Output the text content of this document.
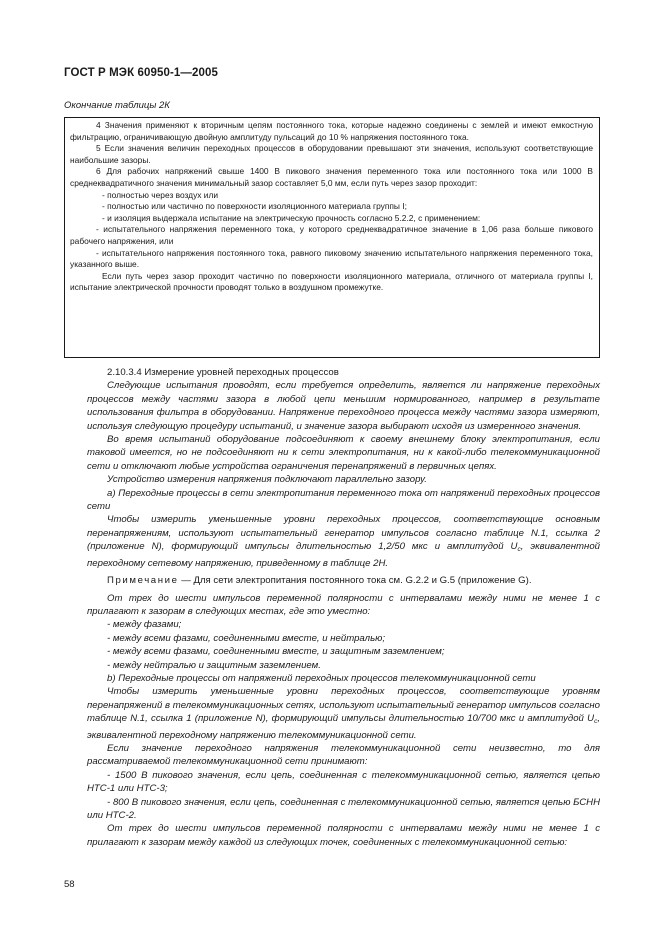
ГОСТ Р МЭК 60950-1—2005
Окончание таблицы 2К

4 Значения применяют к вторичным цепям постоянного тока, которые надежно соединены с землей и имеют емкостную фильтрацию, ограничивающую двойную амплитуду пульсаций до 10 % напряжения постоянного тока.

5 Если значения величин переходных процессов в оборудовании превышают эти значения, используют соответствующие наибольшие зазоры.

6 Для рабочих напряжений свыше 1400 В пикового значения переменного тока или постоянного тока или 1000 В среднеквадратичного значения минимальный зазор составляет 5,0 мм, если путь через зазор проходит:

- полностью через воздух или

- полностью или частично по поверхности изоляционного материала группы I;

- и изоляция выдержала испытание на электрическую прочность согласно 5.2.2, с применением:

- испытательного напряжения переменного тока, у которого среднеквадратичное значение в 1,06 раза больше пикового рабочего напряжения, или

- испытательного напряжения постоянного тока, равного пиковому значению испытательного напряжения переменного тока, указанного выше.

Если путь через зазор проходит частично по поверхности изоляционного материала, отличного от материала группы I, испытание электрической прочности проводят только в воздушном промежутке.

2.10.3.4 Измерение уровней переходных процессов

Следующие испытания проводят, если требуется определить, является ли напряжение переходных процессов между частями зазора в любой цепи меньшим нормированного, например в результате использования фильтра в оборудовании. Напряжение переходного процесса между частями зазора измеряют, используя следующую процедуру испытаний, и значение зазора выбирают исходя из измеренного значения.

Во время испытаний оборудование подсоединяют к своему внешнему блоку электропитания, если таковой имеется, но не подсоединяют ни к сети электропитания, ни к какой-либо телекоммуникационной сети и отключают любые устройства ограничения перенапряжений в первичных цепях.

Устройство измерения напряжения подключают параллельно зазору.

a) Переходные процессы в сети электропитания переменного тока от напряжений переходных процессов сети

Чтобы измерить уменьшенные уровни переходных процессов, соответствующие основным перенапряжениям, используют испытательный генератор импульсов согласно таблице N.1, ссылка 2 (приложение N), формирующий импульсы длительностью 1,2/50 мкс и амплитудой $U_c$, эквивалентной переходному сетевому напряжению, приведенному в таблице 2H.

Примечание — Для сети электропитания постоянного тока см. G.2.2 и G.5 (приложение G).

От трех до шести импульсов переменной полярности с интервалами между ними не менее 1 с прилагают к зазорам в следующих местах, где это уместно:

- между фазами;

- между всеми фазами, соединенными вместе, и нейтралью;

- между всеми фазами, соединенными вместе, и защитным заземлением;

- между нейтралью и защитным заземлением.

b) Переходные процессы от напряжений переходных процессов телекоммуникационной сети

Чтобы измерить уменьшенные уровни переходных процессов, соответствующие уровням перенапряжений в телекоммуникационных сетях, используют испытательный генератор импульсов согласно таблице N.1, ссылка 1 (приложение N), формирующий импульсы длительностью 10/700 мкс и амплитудой $U_c$, эквивалентной переходному напряжению телекоммуникационной сети.

Если значение переходного напряжения телекоммуникационной сети неизвестно, то для рассматриваемой телекоммуникационной сети принимают:

- 1500 В пикового значения, если цепь, соединенная с телекоммуникационной сетью, является цепью НТС-1 или НТС-3;

- 800 В пикового значения, если цепь, соединенная с телекоммуникационной сетью, является цепью БСНН или НТС-2.

От трех до шести импульсов переменной полярности с интервалами между ними не менее 1 с прилагают к зазорам между каждой из следующих точек, соединенных с телекоммуникационной сетью:

58
